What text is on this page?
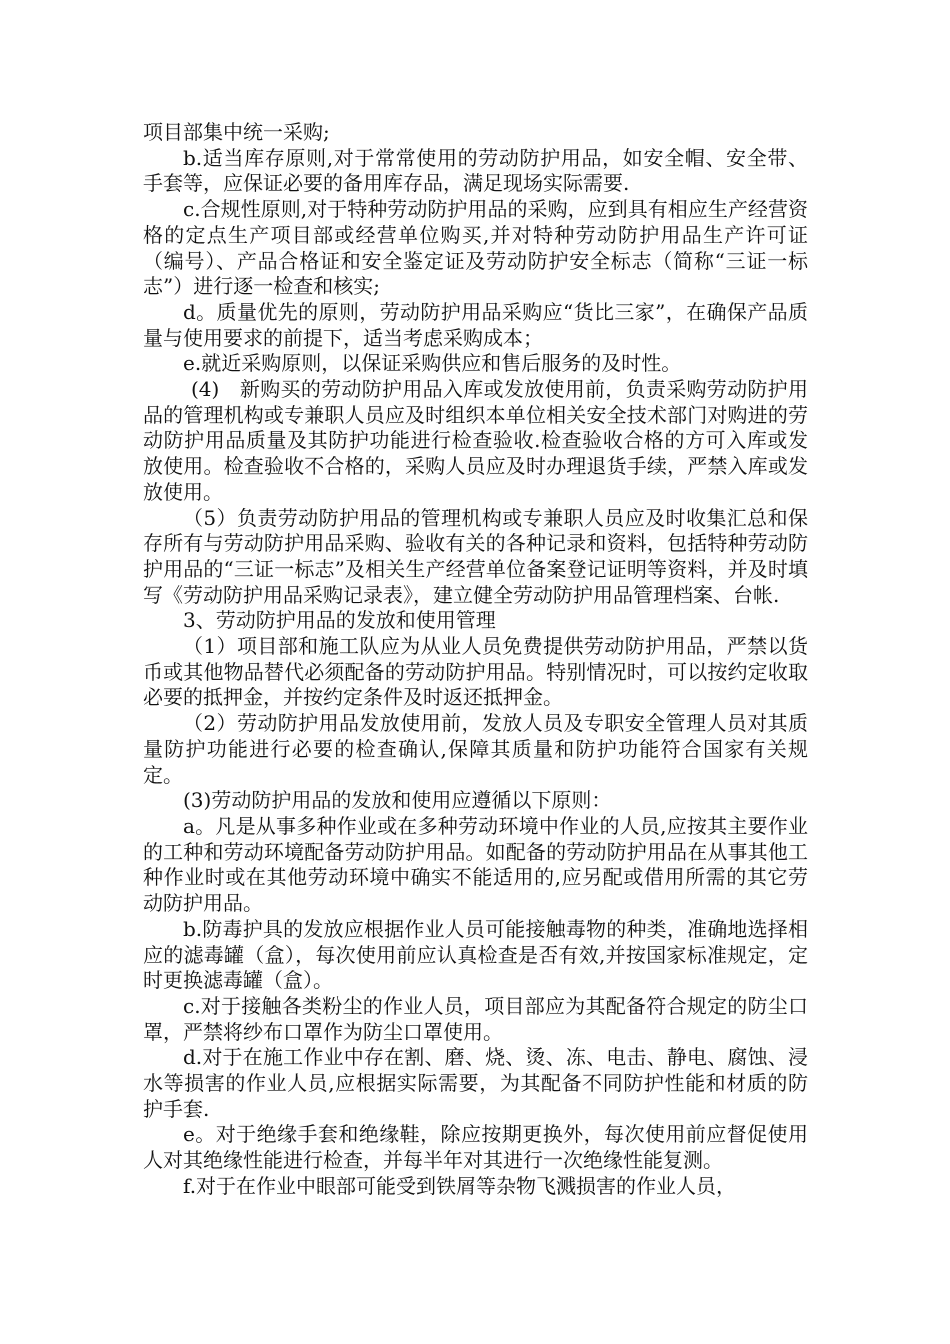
项目部集中统一采购;

b.适当库存原则,对于常常使用的劳动防护用品，如安全帽、安全带、手套等，应保证必要的备用库存品，满足现场实际需要.

c.合规性原则,对于特种劳动防护用品的采购，应到具有相应生产经营资格的定点生产项目部或经营单位购买,并对特种劳动防护用品生产许可证（编号）、产品合格证和安全鉴定证及劳动防护安全标志（简称“三证一标志”）进行逐一检查和核实;

d。质量优先的原则，劳动防护用品采购应“货比三家”，在确保产品质量与使用要求的前提下，适当考虑采购成本；

e.就近采购原则，以保证采购供应和售后服务的及时性。

(4)　新购买的劳动防护用品入库或发放使用前，负责采购劳动防护用品的管理机构或专兼职人员应及时组织本单位相关安全技术部门对购进的劳动防护用品质量及其防护功能进行检查验收.检查验收合格的方可入库或发放使用。检查验收不合格的，采购人员应及时办理退货手续，严禁入库或发放使用。

（5）负责劳动防护用品的管理机构或专兼职人员应及时收集汇总和保存所有与劳动防护用品采购、验收有关的各种记录和资料，包括特种劳动防护用品的“三证一标志”及相关生产经营单位备案登记证明等资料，并及时填写《劳动防护用品采购记录表》，建立健全劳动防护用品管理档案、台帐.

3、劳动防护用品的发放和使用管理

（1）项目部和施工队应为从业人员免费提供劳动防护用品，严禁以货币或其他物品替代必须配备的劳动防护用品。特别情况时，可以按约定收取必要的抵押金，并按约定条件及时返还抵押金。

（2）劳动防护用品发放使用前，发放人员及专职安全管理人员对其质量防护功能进行必要的检查确认,保障其质量和防护功能符合国家有关规定。

(3)劳动防护用品的发放和使用应遵循以下原则：

a。凡是从事多种作业或在多种劳动环境中作业的人员,应按其主要作业的工种和劳动环境配备劳动防护用品。如配备的劳动防护用品在从事其他工种作业时或在其他劳动环境中确实不能适用的,应另配或借用所需的其它劳动防护用品。

b.防毒护具的发放应根据作业人员可能接触毒物的种类，准确地选择相应的滤毒罐（盒），每次使用前应认真检查是否有效,并按国家标准规定，定时更换滤毒罐（盒）。

c.对于接触各类粉尘的作业人员，项目部应为其配备符合规定的防尘口罩，严禁将纱布口罩作为防尘口罩使用。

d.对于在施工作业中存在割、磨、烧、烫、冻、电击、静电、腐蚀、浸水等损害的作业人员,应根据实际需要，为其配备不同防护性能和材质的防护手套.

e。对于绝缘手套和绝缘鞋，除应按期更换外，每次使用前应督促使用人对其绝缘性能进行检查，并每半年对其进行一次绝缘性能复测。

f.对于在作业中眼部可能受到铁屑等杂物飞溅损害的作业人员，
